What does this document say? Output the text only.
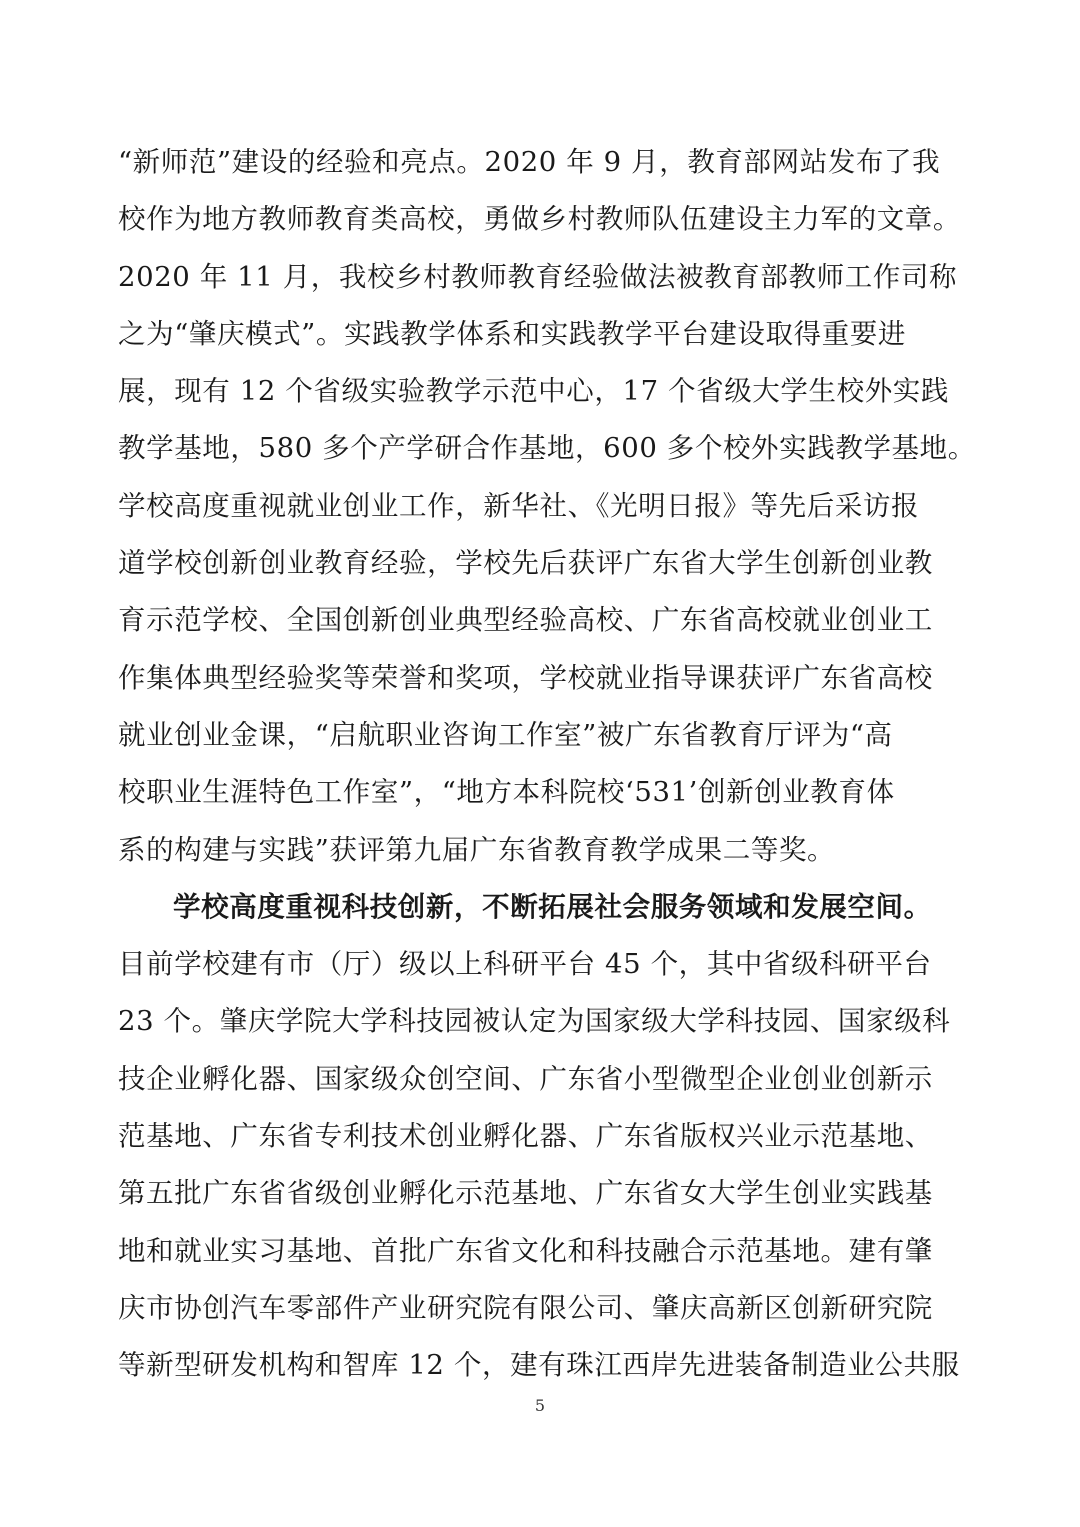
“新师范”建设的经验和亮点。2020 年 9 月，教育部网站发布了我
校作为地方教师教育类高校，勇做乡村教师队伍建设主力军的文章。
2020 年 11 月，我校乡村教师教育经验做法被教育部教师工作司称
之为“肇庆模式”。实践教学体系和实践教学平台建设取得重要进
展，现有 12 个省级实验教学示范中心，17 个省级大学生校外实践
教学基地，580 多个产学研合作基地，600 多个校外实践教学基地。
学校高度重视就业创业工作，新华社、《光明日报》等先后采访报
道学校创新创业教育经验，学校先后获评广东省大学生创新创业教
育示范学校、全国创新创业典型经验高校、广东省高校就业创业工
作集体典型经验奖等荣誉和奖项，学校就业指导课获评广东省高校
就业创业金课，“启航职业咨询工作室”被广东省教育厅评为“高
校职业生涯特色工作室”，“地方本科院校‘531’创新创业教育体
系的构建与实践”获评第九届广东省教育教学成果二等奖。
学校高度重视科技创新，不断拓展社会服务领域和发展空间。
目前学校建有市（厅）级以上科研平台 45 个，其中省级科研平台
23 个。肇庆学院大学科技园被认定为国家级大学科技园、国家级科
技企业孵化器、国家级众创空间、广东省小型微型企业创业创新示
范基地、广东省专利技术创业孵化器、广东省版权兴业示范基地、
第五批广东省省级创业孵化示范基地、广东省女大学生创业实践基
地和就业实习基地、首批广东省文化和科技融合示范基地。建有肇
庆市协创汽车零部件产业研究院有限公司、肇庆高新区创新研究院
等新型研发机构和智库 12 个，建有珠江西岸先进装备制造业公共服
5
